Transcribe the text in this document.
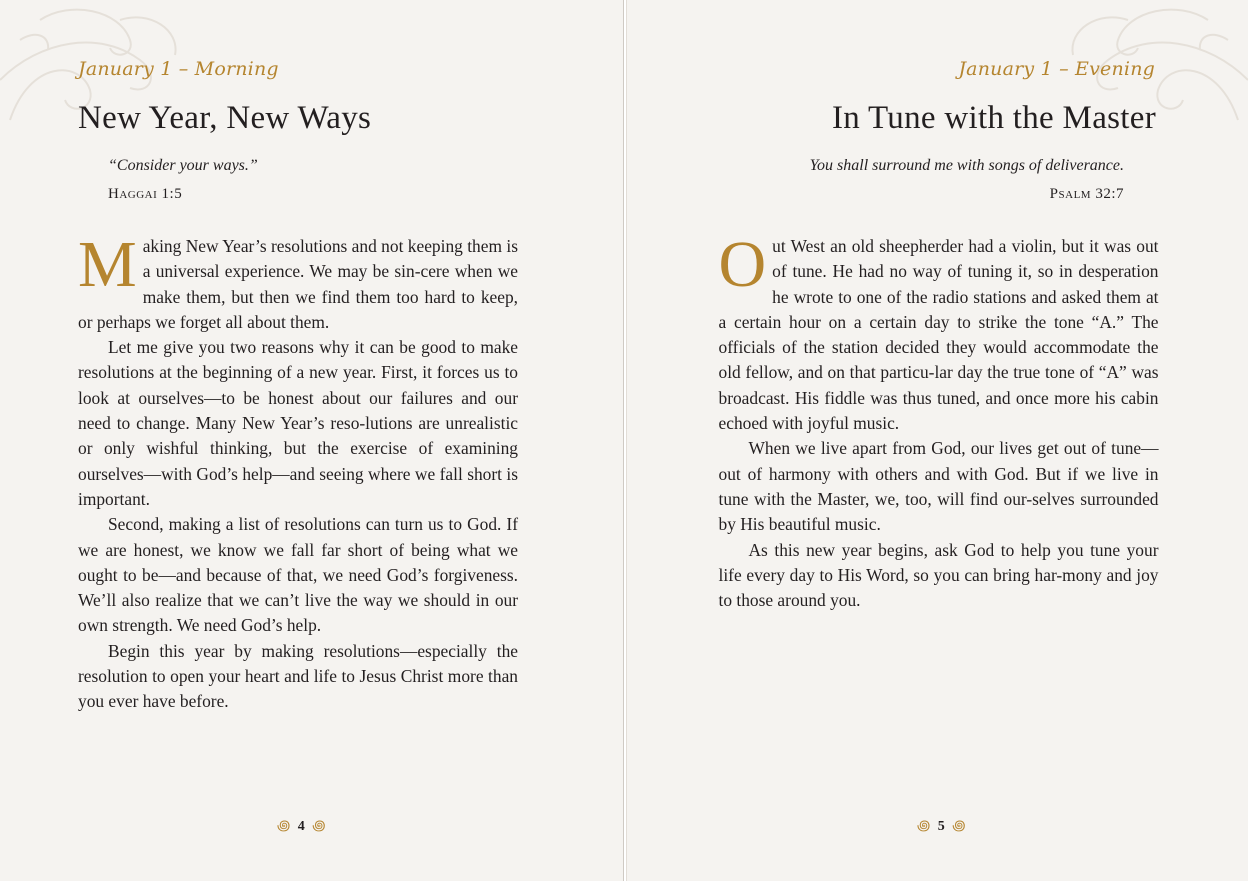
January 1 – Morning
New Year, New Ways
“Consider your ways.”
Haggai 1:5

Making New Year’s resolutions and not keeping them is a universal experience. We may be sin-cere when we make them, but then we find them too hard to keep, or perhaps we forget all about them.

Let me give you two reasons why it can be good to make resolutions at the beginning of a new year. First, it forces us to look at ourselves—to be honest about our failures and our need to change. Many New Year’s reso-lutions are unrealistic or only wishful thinking, but the exercise of examining ourselves—with God’s help—and seeing where we fall short is important.

Second, making a list of resolutions can turn us to God. If we are honest, we know we fall far short of being what we ought to be—and because of that, we need God’s forgiveness. We’ll also realize that we can’t live the way we should in our own strength. We need God’s help.

Begin this year by making resolutions—especially the resolution to open your heart and life to Jesus Christ more than you ever have before.

꩜ 4 ꩜
January 1 – Evening
In Tune with the Master
You shall surround me with songs of deliverance.
Psalm 32:7

Out West an old sheepherder had a violin, but it was out of tune. He had no way of tuning it, so in desperation he wrote to one of the radio stations and asked them at a certain hour on a certain day to strike the tone “A.” The officials of the station decided they would accommodate the old fellow, and on that particu-lar day the true tone of “A” was broadcast. His fiddle was thus tuned, and once more his cabin echoed with joyful music.

When we live apart from God, our lives get out of tune—out of harmony with others and with God. But if we live in tune with the Master, we, too, will find our-selves surrounded by His beautiful music.

As this new year begins, ask God to help you tune your life every day to His Word, so you can bring har-mony and joy to those around you.

꩜ 5 ꩜
